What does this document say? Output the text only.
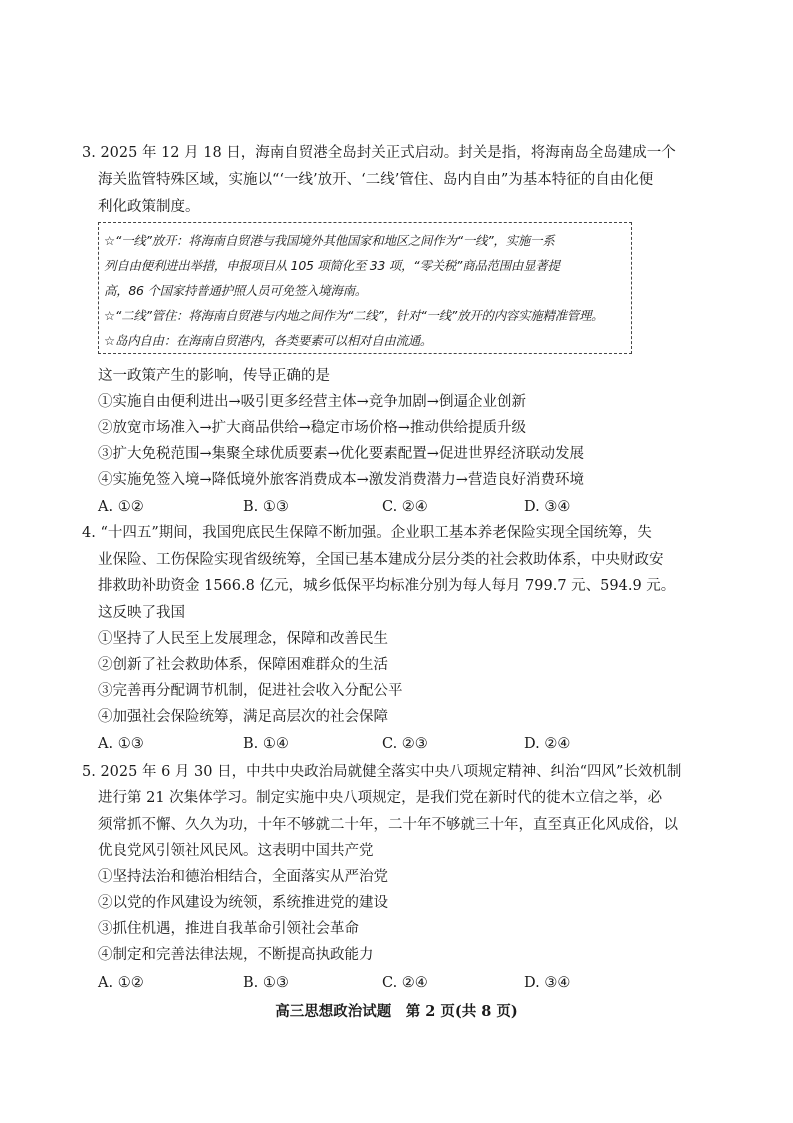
3. 2025 年 12 月 18 日，海南自贸港全岛封关正式启动。封关是指，将海南岛全岛建成一个
海关监管特殊区域，实施以“‘一线’放开、‘二线’管住、岛内自由”为基本特征的自由化便
利化政策制度。
☆“一线”放开：将海南自贸港与我国境外其他国家和地区之间作为“一线”，实施一系
列自由便利进出举措，申报项目从 105 项简化至 33 项，“零关税”商品范围由显著提
高，86 个国家持普通护照人员可免签入境海南。
☆“二线”管住：将海南自贸港与内地之间作为“二线”，针对“一线”放开的内容实施精准管理。
☆岛内自由：在海南自贸港内，各类要素可以相对自由流通。
这一政策产生的影响，传导正确的是
①实施自由便利进出→吸引更多经营主体→竞争加剧→倒逼企业创新
②放宽市场准入→扩大商品供给→稳定市场价格→推动供给提质升级
③扩大免税范围→集聚全球优质要素→优化要素配置→促进世界经济联动发展
④实施免签入境→降低境外旅客消费成本→激发消费潜力→营造良好消费环境
A. ①②	B. ①③	C. ②④	D. ③④
4. “十四五”期间，我国兜底民生保障不断加强。企业职工基本养老保险实现全国统筹，失
业保险、工伤保险实现省级统筹，全国已基本建成分层分类的社会救助体系，中央财政安
排救助补助资金 1566.8 亿元，城乡低保平均标准分别为每人每月 799.7 元、594.9 元。
这反映了我国
①坚持了人民至上发展理念，保障和改善民生
②创新了社会救助体系，保障困难群众的生活
③完善再分配调节机制，促进社会收入分配公平
④加强社会保险统筹，满足高层次的社会保障
A. ①③	B. ①④	C. ②③	D. ②④
5. 2025 年 6 月 30 日，中共中央政治局就健全落实中央八项规定精神、纠治“四风”长效机制
进行第 21 次集体学习。制定实施中央八项规定，是我们党在新时代的徙木立信之举，必
须常抓不懈、久久为功，十年不够就二十年，二十年不够就三十年，直至真正化风成俗，以
优良党风引领社风民风。这表明中国共产党
①坚持法治和德治相结合，全面落实从严治党
②以党的作风建设为统领，系统推进党的建设
③抓住机遇，推进自我革命引领社会革命
④制定和完善法律法规，不断提高执政能力
A. ①②	B. ①③	C. ②④	D. ③④
高三思想政治试题　第 2 页(共 8 页)
